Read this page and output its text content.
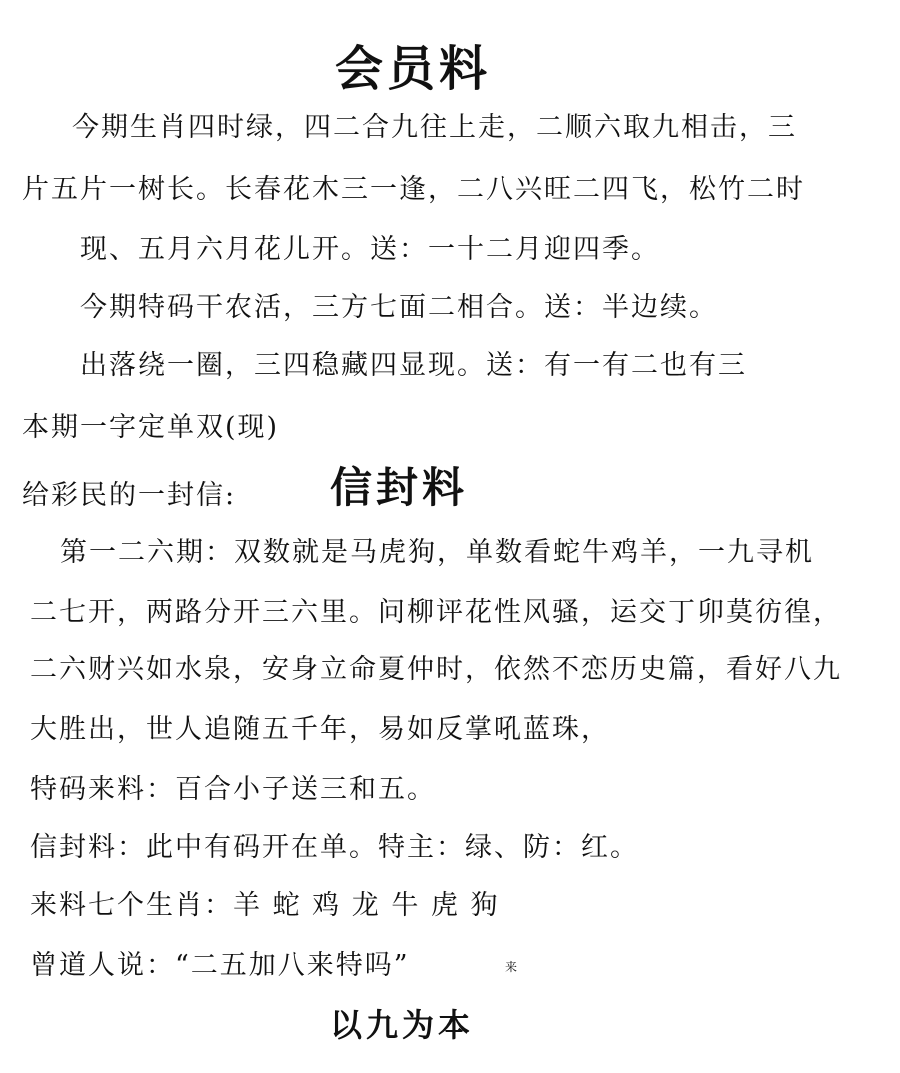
会员料
今期生肖四时绿，四二合九往上走，二顺六取九相击，三
片五片一树长。长春花木三一逢，二八兴旺二四飞，松竹二时
现、五月六月花儿开。送：一十二月迎四季。
今期特码干农活，三方七面二相合。送：半边续。
出落绕一圈，三四稳藏四显现。送：有一有二也有三
本期一字定单双(现)
给彩民的一封信: 信封料
第一二六期：双数就是马虎狗，单数看蛇牛鸡羊，一九寻机
二七开，两路分开三六里。问柳评花性风骚，运交丁卯莫彷徨，
二六财兴如水泉，安身立命夏仲时，依然不恋历史篇，看好八九
大胜出，世人追随五千年，易如反掌吼蓝珠，
特码来料：百合小子送三和五。
信封料：此中有码开在单。特主：绿、防：红。
来料七个生肖：羊 蛇 鸡 龙 牛 虎 狗
曾道人说：“二五加八来特吗”	来
以九为本
